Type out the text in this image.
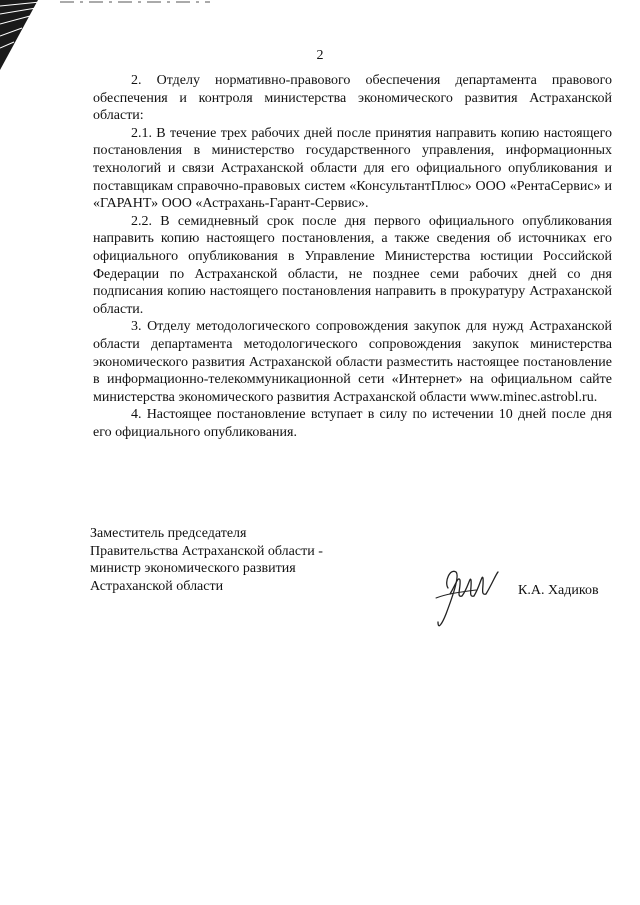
2

2. Отделу нормативно-правового обеспечения департамента правового обеспечения и контроля министерства экономического развития Астраханской области:

2.1. В течение трех рабочих дней после принятия направить копию настоящего постановления в министерство государственного управления, информационных технологий и связи Астраханской области для его официального опубликования и поставщикам справочно-правовых систем «КонсультантПлюс» ООО «РентаСервис» и «ГАРАНТ» ООО «Астрахань-Гарант-Сервис».

2.2. В семидневный срок после дня первого официального опубликования направить копию настоящего постановления, а также сведения об источниках его официального опубликования в Управление Министерства юстиции Российской Федерации по Астраханской области, не позднее семи рабочих дней со дня подписания копию настоящего постановления направить в прокуратуру Астраханской области.

3. Отделу методологического сопровождения закупок для нужд Астраханской области департамента методологического сопровождения закупок министерства экономического развития Астраханской области разместить настоящее постановление в информационно-телекоммуникационной сети «Интернет» на официальном сайте министерства экономического развития Астраханской области www.minec.astrobl.ru.

4. Настоящее постановление вступает в силу по истечении 10 дней после дня его официального опубликования.

Заместитель председателя
Правительства Астраханской области -
министр экономического развития
Астраханской области	К.А. Хадиков
